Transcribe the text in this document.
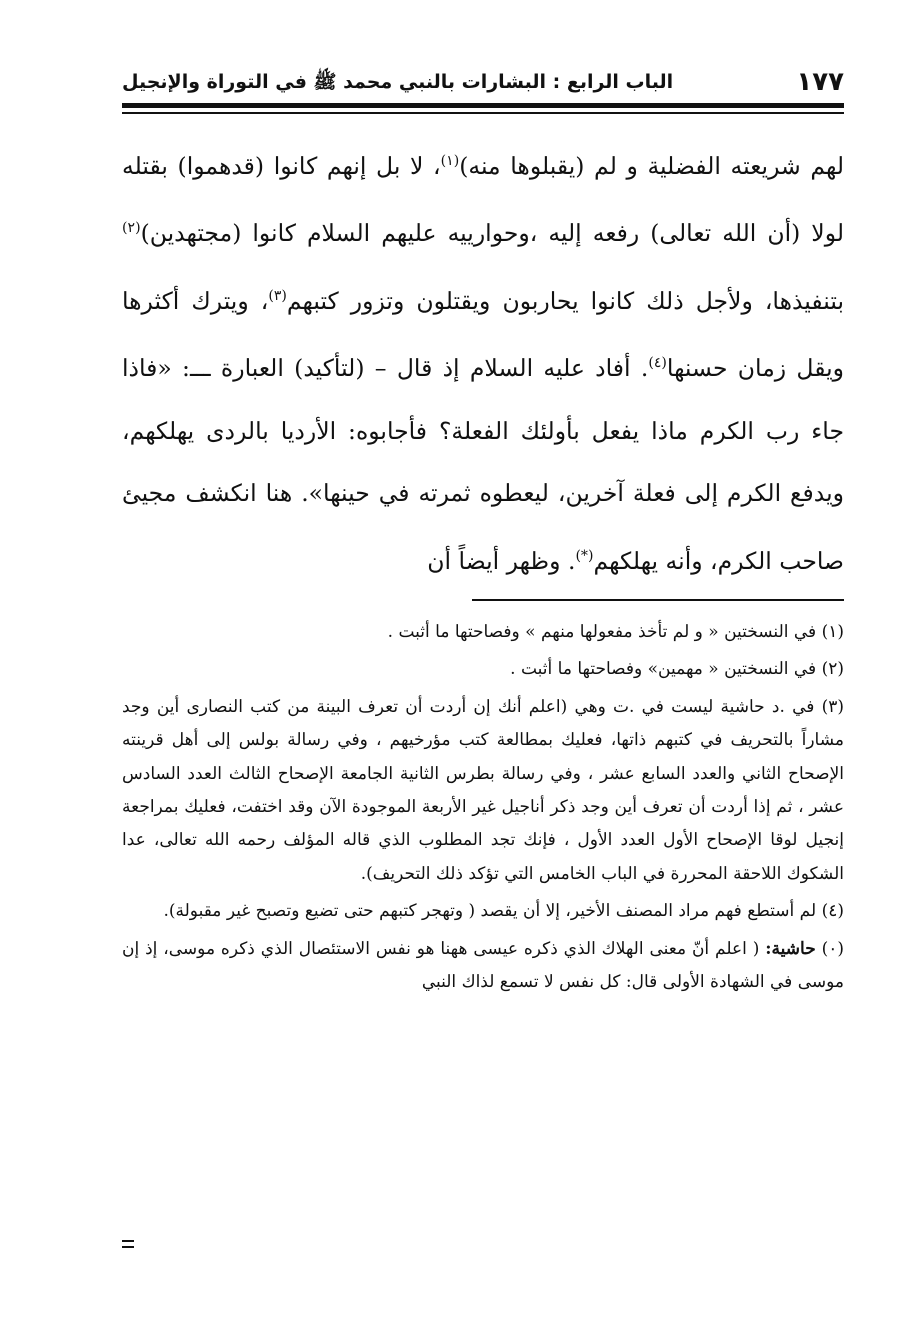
١٧٧
الباب الرابع : البشارات بالنبي محمد ﷺ في التوراة والإنجيل

لهم شريعته الفضلية و لم (يقبلوها منه)$^{(١)}$، لا بل إنهم كانوا (قدهموا) بقتله لولا (أن الله تعالى) رفعه إليه ،وحوارييه عليهم السلام كانوا (مجتهدين)$^{(٢)}$ بتنفيذها، ولأجل ذلك كانوا يحاربون ويقتلون وتزور كتبهم$^{(٣)}$، ويترك أكثرها ويقل زمان حسنها$^{(٤)}$. أفاد عليه السلام إذ قال – (لتأكيد) العبارة ـــ: «فاذا جاء رب الكرم ماذا يفعل بأولئك الفعلة؟ فأجابوه: الأرديا بالردى يهلكهم، ويدفع الكرم إلى فعلة آخرين، ليعطوه ثمرته في حينها». هنا انكشف مجيئ صاحب الكرم، وأنه يهلكهم(*). وظهر أيضاً أن

(١) في النسختين « و لم تأخذ مفعولها منهم » وفصاحتها ما أثبت .

(٢) في النسختين « مهمين» وفصاحتها ما أثبت .

(٣) في .د حاشية ليست في .ت وهي (اعلم أنك إن أردت أن تعرف البينة من كتب النصارى أين وجد مشاراً بالتحريف في كتبهم ذاتها، فعليك بمطالعة كتب مؤرخيهم ، وفي رسالة بولس إلى أهل قرينته الإصحاح الثاني والعدد السابع عشر ، وفي رسالة بطرس الثانية الجامعة الإصحاح الثالث العدد السادس عشر ، ثم إذا أردت أن تعرف أين وجد ذكر أناجيل غير الأربعة الموجودة الآن وقد اختفت، فعليك بمراجعة إنجيل لوقا الإصحاح الأول العدد الأول ، فإنك تجد المطلوب الذي قاله المؤلف رحمه الله تعالى، عدا الشكوك اللاحقة المحررة في الباب الخامس التي تؤكد ذلك التحريف).

(٤) لم أستطع فهم مراد المصنف الأخير، إلا أن يقصد ( وتهجر كتبهم حتى تضيع وتصبح غير مقبولة).

(٠) حاشية: ( اعلم أنّ معنى الهلاك الذي ذكره عيسى ههنا هو نفس الاستئصال الذي ذكره موسى، إذ إن موسى في الشهادة الأولى قال: كل نفس لا تسمع لذاك النبي
